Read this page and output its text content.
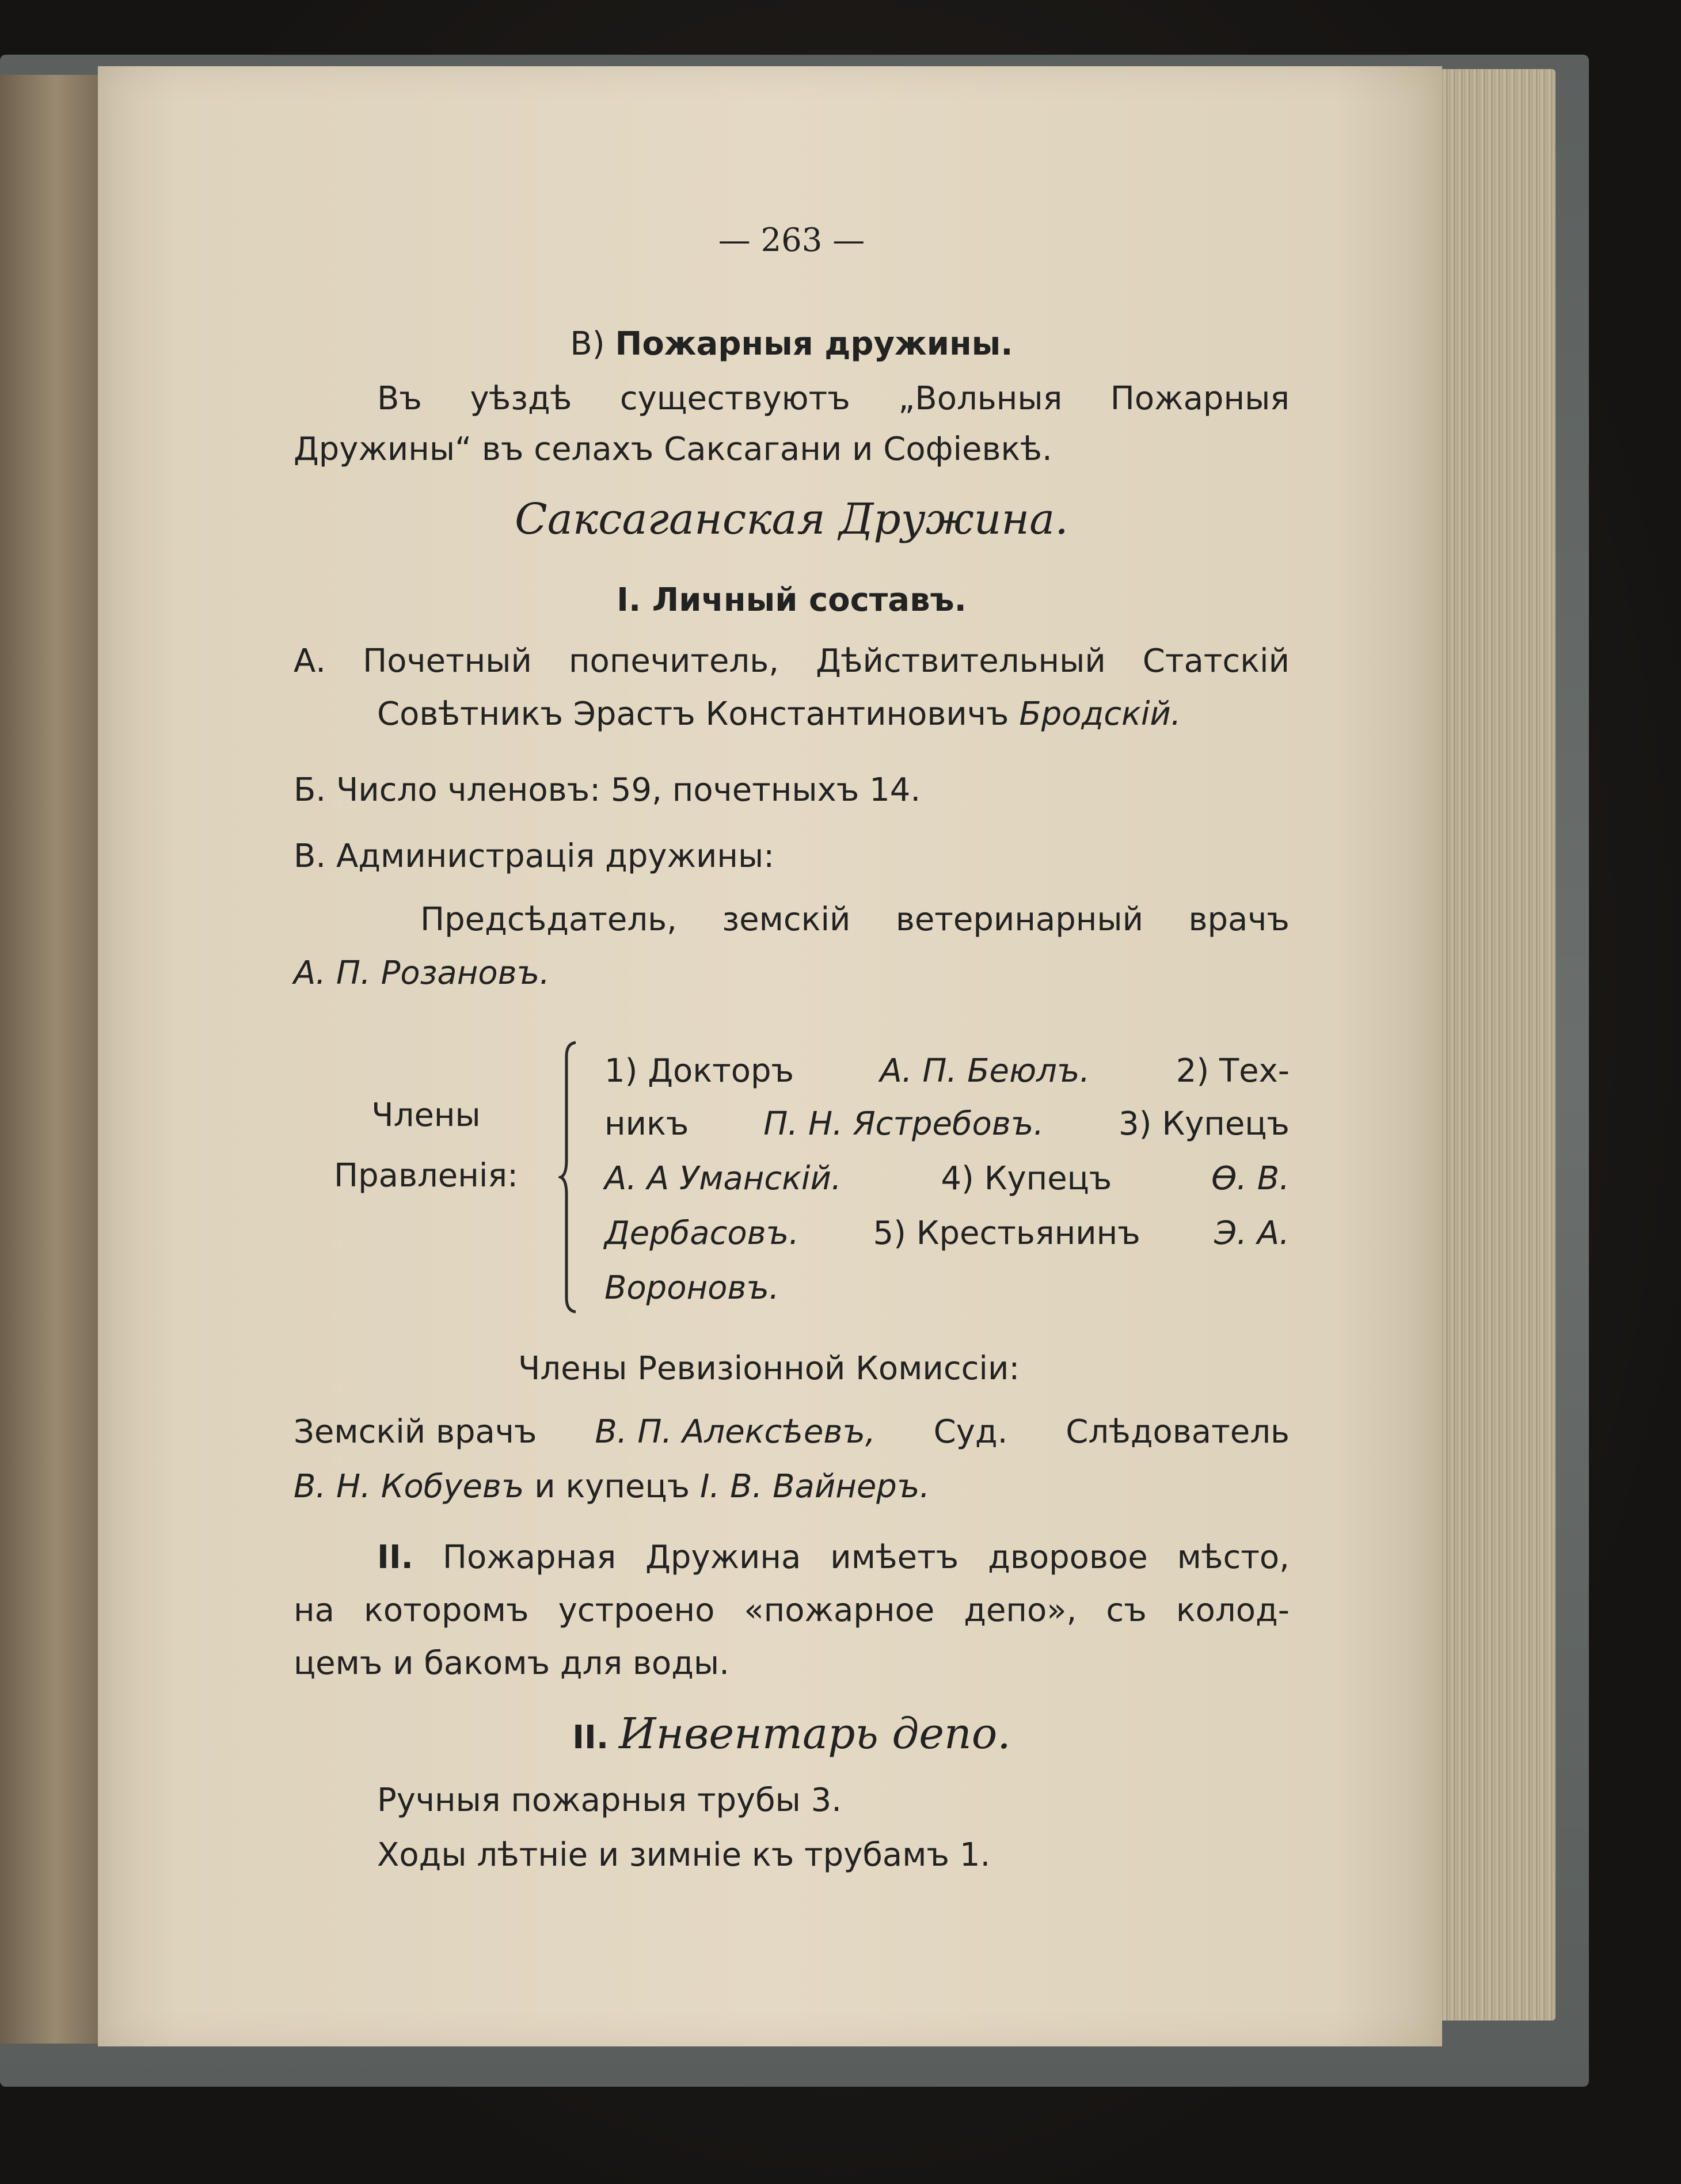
— 263 —
В) Пожарныя дружины.
Въ уѣздѣ существуютъ „Вольныя Пожарныя
Дружины“ въ селахъ Саксагани и Софіевкѣ.
Саксаганская Дружина.
I. Личный составъ.
А. Почетный попечитель, Дѣйствительный Статскій
Совѣтникъ Эрастъ Константиновичъ Бродскій.
Б. Число членовъ: 59, почетныхъ 14.
В. Администрація дружины:
Предсѣдатель, земскій ветеринарный врачъ
А. П. Розановъ.
Члены
Правленія:
1) Докторъ	А. П. Беюлъ.	2) Тех-
никъ П. Н. Ястребовъ. 3) Купецъ
А. А Уманскій.	4) Купецъ	Ѳ. В.
Дербасовъ. 5) Крестьянинъ Э. А.
Вороновъ.
Члены Ревизіонной Комиссіи:
Земскій врачъ В. П. Алексѣевъ, Суд. Слѣдователь
В. Н. Кобуевъ и купецъ І. В. Вайнеръ.
II. Пожарная Дружина имѣетъ дворовое мѣсто,
на которомъ устроено «пожарное депо», съ колод-
цемъ и бакомъ для воды.
II. Инвентарь депо.
Ручныя пожарныя трубы 3.
Ходы лѣтніе и зимніе къ трубамъ 1.
